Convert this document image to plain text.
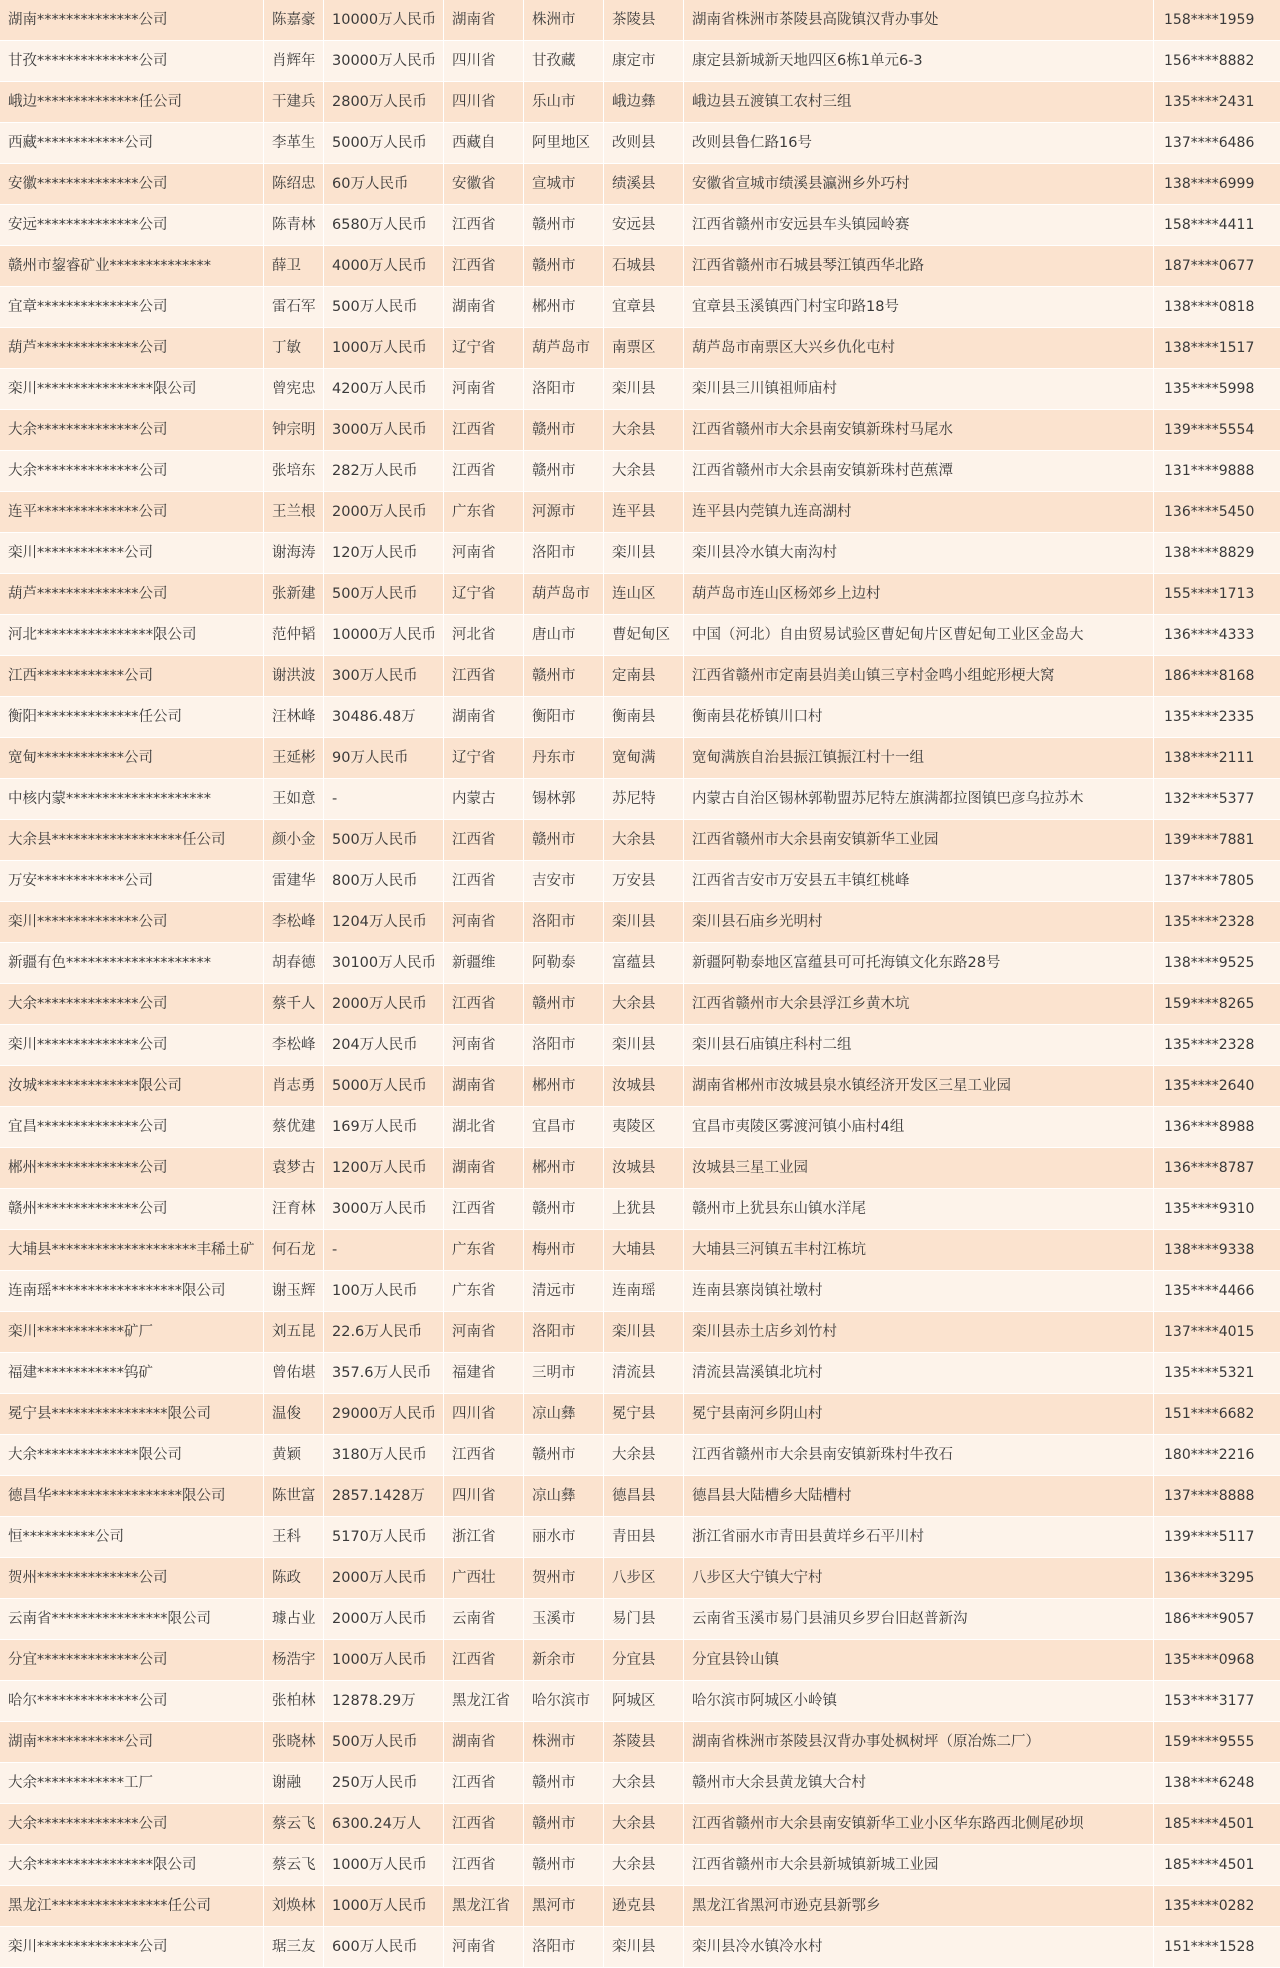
湖南**************公司	陈嘉豪	10000万人民币	湖南省	株洲市	茶陵县	湖南省株洲市茶陵县高陇镇汉背办事处	158****1959
甘孜**************公司	肖辉年	30000万人民币	四川省	甘孜藏	康定市	康定县新城新天地四区6栋1单元6-3	156****8882
峨边**************任公司	干建兵	2800万人民币	四川省	乐山市	峨边彝	峨边县五渡镇工农村三组	135****2431
西藏************公司	李革生	5000万人民币	西藏自	阿里地区	改则县	改则县鲁仁路16号	137****6486
安徽**************公司	陈绍忠	60万人民币	安徽省	宣城市	绩溪县	安徽省宣城市绩溪县瀛洲乡外巧村	138****6999
安远**************公司	陈青林	6580万人民币	江西省	赣州市	安远县	江西省赣州市安远县车头镇园岭赛	158****4411
赣州市鋆睿矿业**************	薛卫	4000万人民币	江西省	赣州市	石城县	江西省赣州市石城县琴江镇西华北路	187****0677
宜章**************公司	雷石军	500万人民币	湖南省	郴州市	宜章县	宜章县玉溪镇西门村宝印路18号	138****0818
葫芦**************公司	丁敏	1000万人民币	辽宁省	葫芦岛市	南票区	葫芦岛市南票区大兴乡仇化屯村	138****1517
栾川****************限公司	曾宪忠	4200万人民币	河南省	洛阳市	栾川县	栾川县三川镇祖师庙村	135****5998
大余**************公司	钟宗明	3000万人民币	江西省	赣州市	大余县	江西省赣州市大余县南安镇新珠村马尾水	139****5554
大余**************公司	张培东	282万人民币	江西省	赣州市	大余县	江西省赣州市大余县南安镇新珠村芭蕉潭	131****9888
连平**************公司	王兰根	2000万人民币	广东省	河源市	连平县	连平县内莞镇九连高湖村	136****5450
栾川************公司	谢海涛	120万人民币	河南省	洛阳市	栾川县	栾川县冷水镇大南沟村	138****8829
葫芦**************公司	张新建	500万人民币	辽宁省	葫芦岛市	连山区	葫芦岛市连山区杨郊乡上边村	155****1713
河北****************限公司	范仲韬	10000万人民币	河北省	唐山市	曹妃甸区	中国（河北）自由贸易试验区曹妃甸片区曹妃甸工业区金岛大	136****4333
江西************公司	谢洪波	300万人民币	江西省	赣州市	定南县	江西省赣州市定南县岿美山镇三亨村金鸣小组蛇形梗大窝	186****8168
衡阳**************任公司	汪林峰	30486.48万	湖南省	衡阳市	衡南县	衡南县花桥镇川口村	135****2335
宽甸************公司	王延彬	90万人民币	辽宁省	丹东市	宽甸满	宽甸满族自治县振江镇振江村十一组	138****2111
中核内蒙********************	王如意	-	内蒙古	锡林郭	苏尼特	内蒙古自治区锡林郭勒盟苏尼特左旗满都拉图镇巴彦乌拉苏木	132****5377
大余县******************任公司	颜小金	500万人民币	江西省	赣州市	大余县	江西省赣州市大余县南安镇新华工业园	139****7881
万安************公司	雷建华	800万人民币	江西省	吉安市	万安县	江西省吉安市万安县五丰镇红桃峰	137****7805
栾川**************公司	李松峰	1204万人民币	河南省	洛阳市	栾川县	栾川县石庙乡光明村	135****2328
新疆有色********************	胡春德	30100万人民币	新疆维	阿勒泰	富蕴县	新疆阿勒泰地区富蕴县可可托海镇文化东路28号	138****9525
大余**************公司	蔡千人	2000万人民币	江西省	赣州市	大余县	江西省赣州市大余县浮江乡黄木坑	159****8265
栾川**************公司	李松峰	204万人民币	河南省	洛阳市	栾川县	栾川县石庙镇庄科村二组	135****2328
汝城**************限公司	肖志勇	5000万人民币	湖南省	郴州市	汝城县	湖南省郴州市汝城县泉水镇经济开发区三星工业园	135****2640
宜昌**************公司	蔡优建	169万人民币	湖北省	宜昌市	夷陵区	宜昌市夷陵区雾渡河镇小庙村4组	136****8988
郴州**************公司	袁梦古	1200万人民币	湖南省	郴州市	汝城县	汝城县三星工业园	136****8787
赣州**************公司	汪育林	3000万人民币	江西省	赣州市	上犹县	赣州市上犹县东山镇水洋尾	135****9310
大埔县********************丰稀土矿	何石龙	-	广东省	梅州市	大埔县	大埔县三河镇五丰村江栋坑	138****9338
连南瑶******************限公司	谢玉辉	100万人民币	广东省	清远市	连南瑶	连南县寨岗镇社墩村	135****4466
栾川************矿厂	刘五昆	22.6万人民币	河南省	洛阳市	栾川县	栾川县赤土店乡刘竹村	137****4015
福建************钨矿	曾佑堪	357.6万人民币	福建省	三明市	清流县	清流县嵩溪镇北坑村	135****5321
冕宁县****************限公司	温俊	29000万人民币	四川省	凉山彝	冕宁县	冕宁县南河乡阴山村	151****6682
大余**************限公司	黄颖	3180万人民币	江西省	赣州市	大余县	江西省赣州市大余县南安镇新珠村牛孜石	180****2216
德昌华******************限公司	陈世富	2857.1428万	四川省	凉山彝	德昌县	德昌县大陆槽乡大陆槽村	137****8888
恒**********公司	王科	5170万人民币	浙江省	丽水市	青田县	浙江省丽水市青田县黄垟乡石平川村	139****5117
贺州**************公司	陈政	2000万人民币	广西壮	贺州市	八步区	八步区大宁镇大宁村	136****3295
云南省****************限公司	璩占业	2000万人民币	云南省	玉溪市	易门县	云南省玉溪市易门县浦贝乡罗台旧赵普新沟	186****9057
分宜**************公司	杨浩宇	1000万人民币	江西省	新余市	分宜县	分宜县铃山镇	135****0968
哈尔**************公司	张柏林	12878.29万	黑龙江省	哈尔滨市	阿城区	哈尔滨市阿城区小岭镇	153****3177
湖南************公司	张晓林	500万人民币	湖南省	株洲市	茶陵县	湖南省株洲市茶陵县汉背办事处枫树坪（原冶炼二厂）	159****9555
大余************工厂	谢融	250万人民币	江西省	赣州市	大余县	赣州市大余县黄龙镇大合村	138****6248
大余**************公司	蔡云飞	6300.24万人	江西省	赣州市	大余县	江西省赣州市大余县南安镇新华工业小区华东路西北侧尾砂坝	185****4501
大余****************限公司	蔡云飞	1000万人民币	江西省	赣州市	大余县	江西省赣州市大余县新城镇新城工业园	185****4501
黑龙江****************任公司	刘焕林	1000万人民币	黑龙江省	黑河市	逊克县	黑龙江省黑河市逊克县新鄂乡	135****0282
栾川**************公司	琚三友	600万人民币	河南省	洛阳市	栾川县	栾川县冷水镇冷水村	151****1528
